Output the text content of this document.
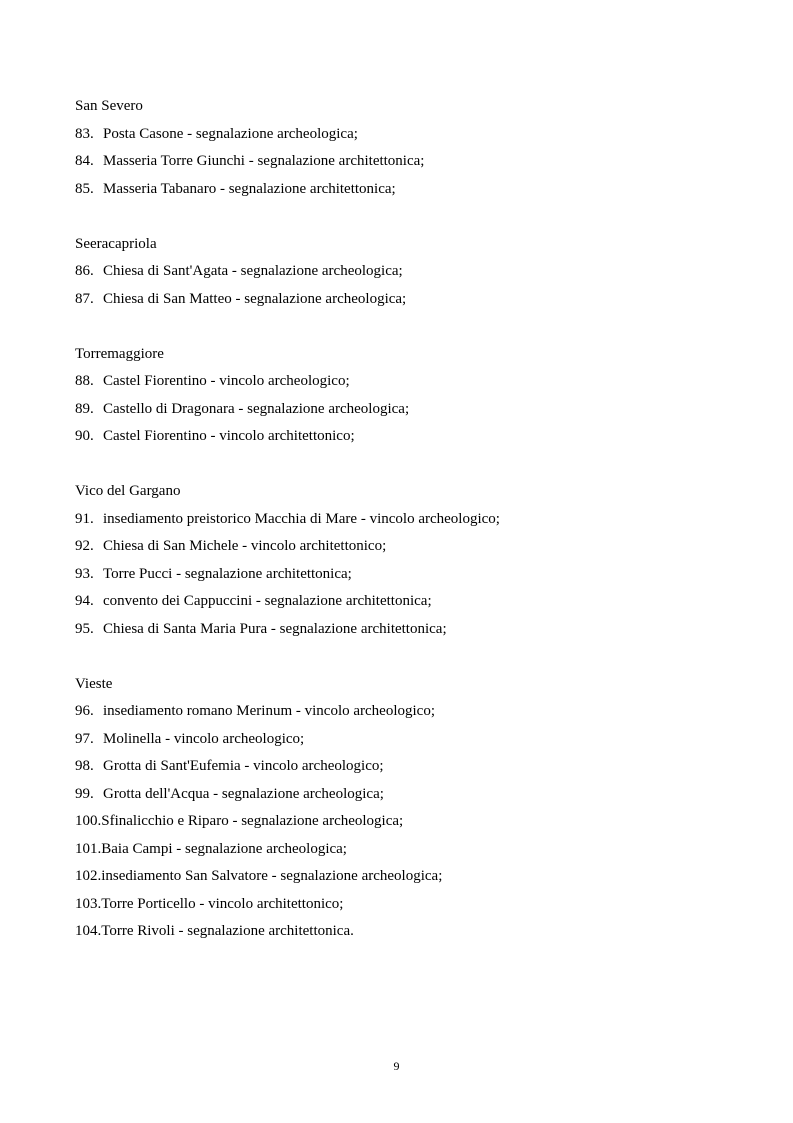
San Severo
83. Posta Casone - segnalazione archeologica;
84. Masseria Torre Giunchi - segnalazione architettonica;
85. Masseria Tabanaro - segnalazione architettonica;
Seeracapriola
86. Chiesa di Sant'Agata - segnalazione archeologica;
87. Chiesa di San Matteo - segnalazione archeologica;
Torremaggiore
88. Castel Fiorentino - vincolo archeologico;
89. Castello di Dragonara - segnalazione archeologica;
90. Castel Fiorentino - vincolo architettonico;
Vico del Gargano
91. insediamento preistorico Macchia di Mare - vincolo archeologico;
92. Chiesa di San Michele - vincolo architettonico;
93. Torre Pucci - segnalazione architettonica;
94. convento dei Cappuccini - segnalazione architettonica;
95. Chiesa di Santa Maria Pura - segnalazione architettonica;
Vieste
96. insediamento romano Merinum - vincolo archeologico;
97. Molinella - vincolo archeologico;
98. Grotta di Sant'Eufemia - vincolo archeologico;
99. Grotta dell'Acqua - segnalazione archeologica;
100.Sfinalicchio e Riparo - segnalazione archeologica;
101.Baia Campi - segnalazione archeologica;
102.insediamento San Salvatore - segnalazione archeologica;
103.Torre Porticello - vincolo architettonico;
104.Torre Rivoli - segnalazione architettonica.
9
